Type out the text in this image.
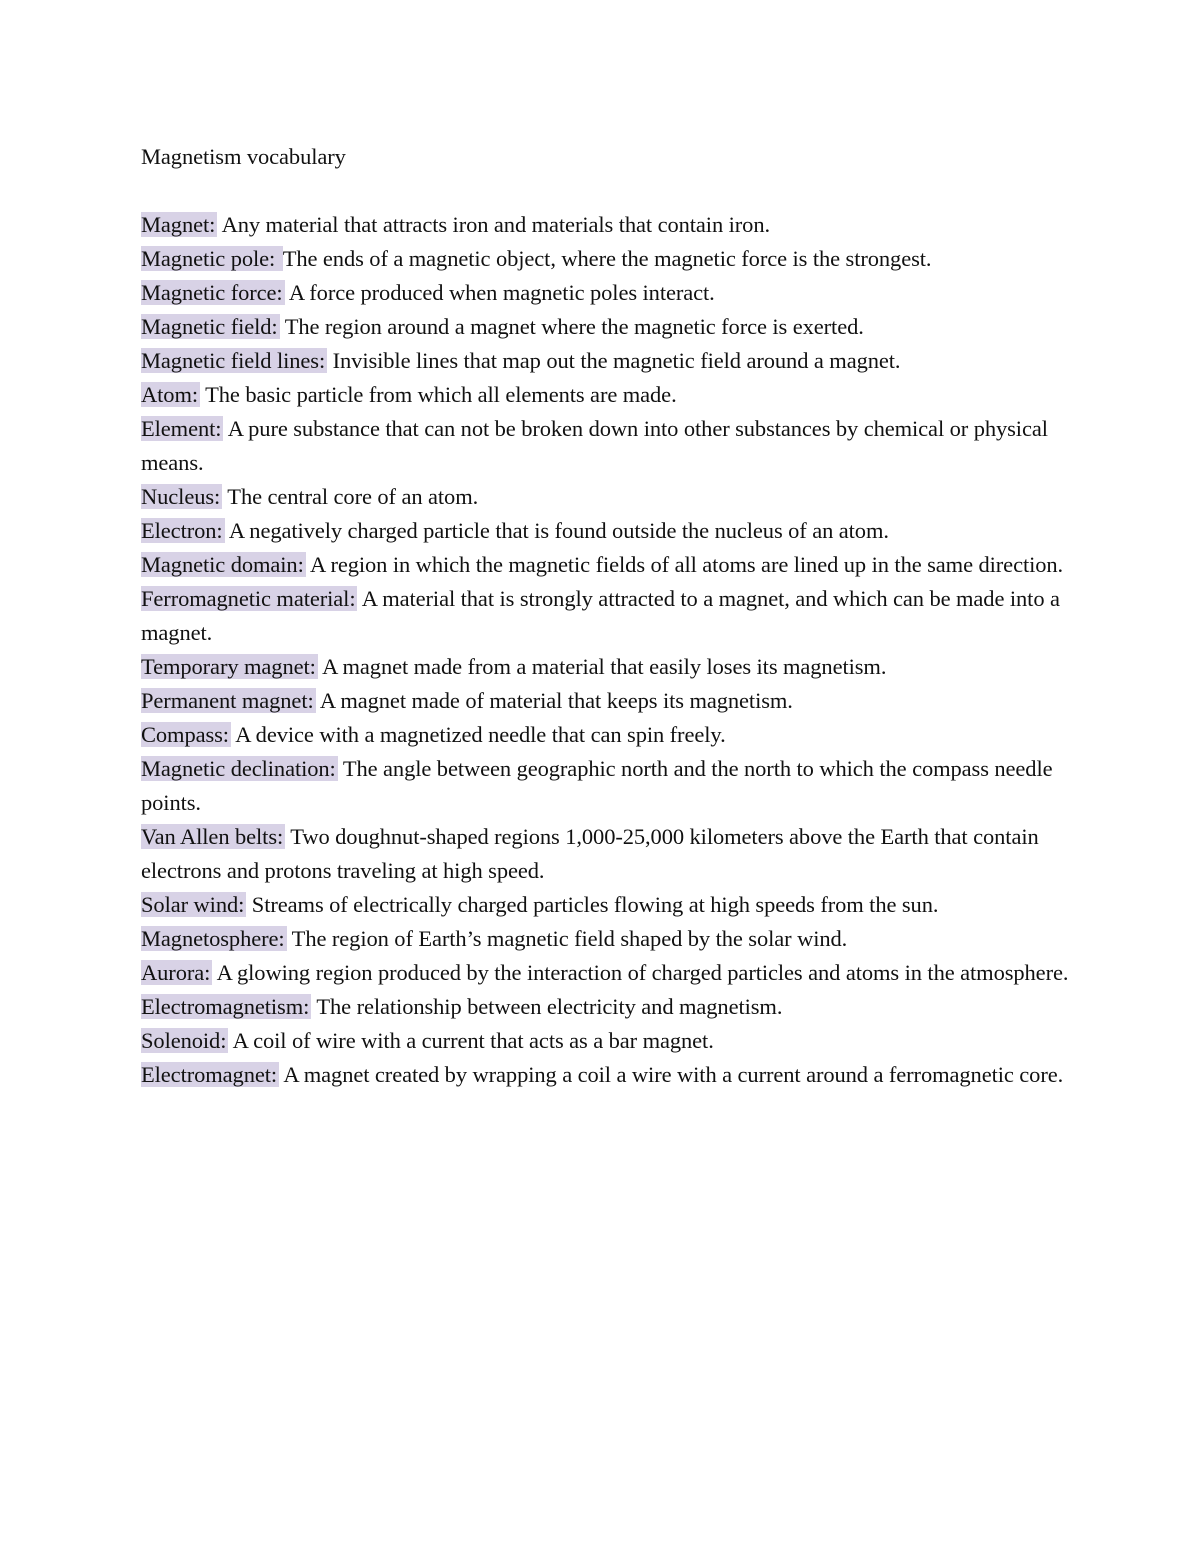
Magnetism vocabulary
Magnet: Any material that attracts iron and materials that contain iron.
Magnetic pole: The ends of a magnetic object, where the magnetic force is the strongest.
Magnetic force: A force produced when magnetic poles interact.
Magnetic field: The region around a magnet where the magnetic force is exerted.
Magnetic field lines: Invisible lines that map out the magnetic field around a magnet.
Atom: The basic particle from which all elements are made.
Element: A pure substance that can not be broken down into other substances by chemical or physical means.
Nucleus: The central core of an atom.
Electron: A negatively charged particle that is found outside the nucleus of an atom.
Magnetic domain: A region in which the magnetic fields of all atoms are lined up in the same direction.
Ferromagnetic material: A material that is strongly attracted to a magnet, and which can be made into a magnet.
Temporary magnet: A magnet made from a material that easily loses its magnetism.
Permanent magnet: A magnet made of material that keeps its magnetism.
Compass: A device with a magnetized needle that can spin freely.
Magnetic declination: The angle between geographic north and the north to which the compass needle points.
Van Allen belts: Two doughnut-shaped regions 1,000-25,000 kilometers above the Earth that contain electrons and protons traveling at high speed.
Solar wind: Streams of electrically charged particles flowing at high speeds from the sun.
Magnetosphere: The region of Earth’s magnetic field shaped by the solar wind.
Aurora: A glowing region produced by the interaction of charged particles and atoms in the atmosphere.
Electromagnetism: The relationship between electricity and magnetism.
Solenoid: A coil of wire with a current that acts as a bar magnet.
Electromagnet: A magnet created by wrapping a coil a wire with a current around a ferromagnetic core.
